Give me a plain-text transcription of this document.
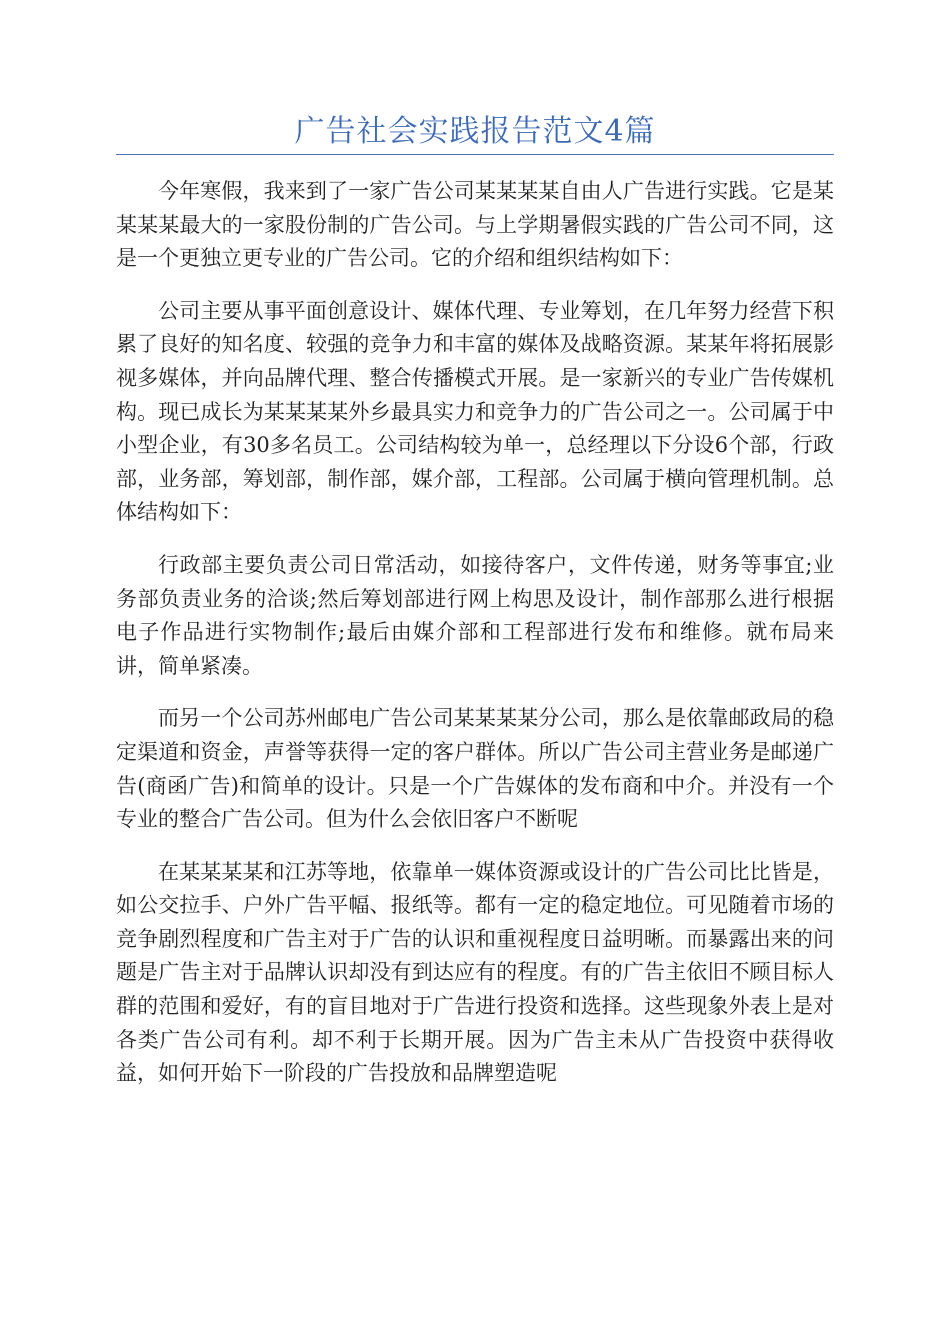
广告社会实践报告范文4篇

今年寒假，我来到了一家广告公司某某某某自由人广告进行实践。它是某某某某最大的一家股份制的广告公司。与上学期暑假实践的广告公司不同，这是一个更独立更专业的广告公司。它的介绍和组织结构如下：

公司主要从事平面创意设计、媒体代理、专业筹划，在几年努力经营下积累了良好的知名度、较强的竞争力和丰富的媒体及战略资源。某某年将拓展影视多媒体，并向品牌代理、整合传播模式开展。是一家新兴的专业广告传媒机构。现已成长为某某某某外乡最具实力和竞争力的广告公司之一。公司属于中小型企业，有30多名员工。公司结构较为单一，总经理以下分设6个部，行政部，业务部，筹划部，制作部，媒介部，工程部。公司属于横向管理机制。总体结构如下：

行政部主要负责公司日常活动，如接待客户，文件传递，财务等事宜;业务部负责业务的洽谈;然后筹划部进行网上构思及设计，制作部那么进行根据电子作品进行实物制作;最后由媒介部和工程部进行发布和维修。就布局来讲，简单紧凑。

而另一个公司苏州邮电广告公司某某某某分公司，那么是依靠邮政局的稳定渠道和资金，声誉等获得一定的客户群体。所以广告公司主营业务是邮递广告(商函广告)和简单的设计。只是一个广告媒体的发布商和中介。并没有一个专业的整合广告公司。但为什么会依旧客户不断呢

在某某某某和江苏等地，依靠单一媒体资源或设计的广告公司比比皆是，如公交拉手、户外广告平幅、报纸等。都有一定的稳定地位。可见随着市场的竞争剧烈程度和广告主对于广告的认识和重视程度日益明晰。而暴露出来的问题是广告主对于品牌认识却没有到达应有的程度。有的广告主依旧不顾目标人群的范围和爱好，有的盲目地对于广告进行投资和选择。这些现象外表上是对各类广告公司有利。却不利于长期开展。因为广告主未从广告投资中获得收益，如何开始下一阶段的广告投放和品牌塑造呢
